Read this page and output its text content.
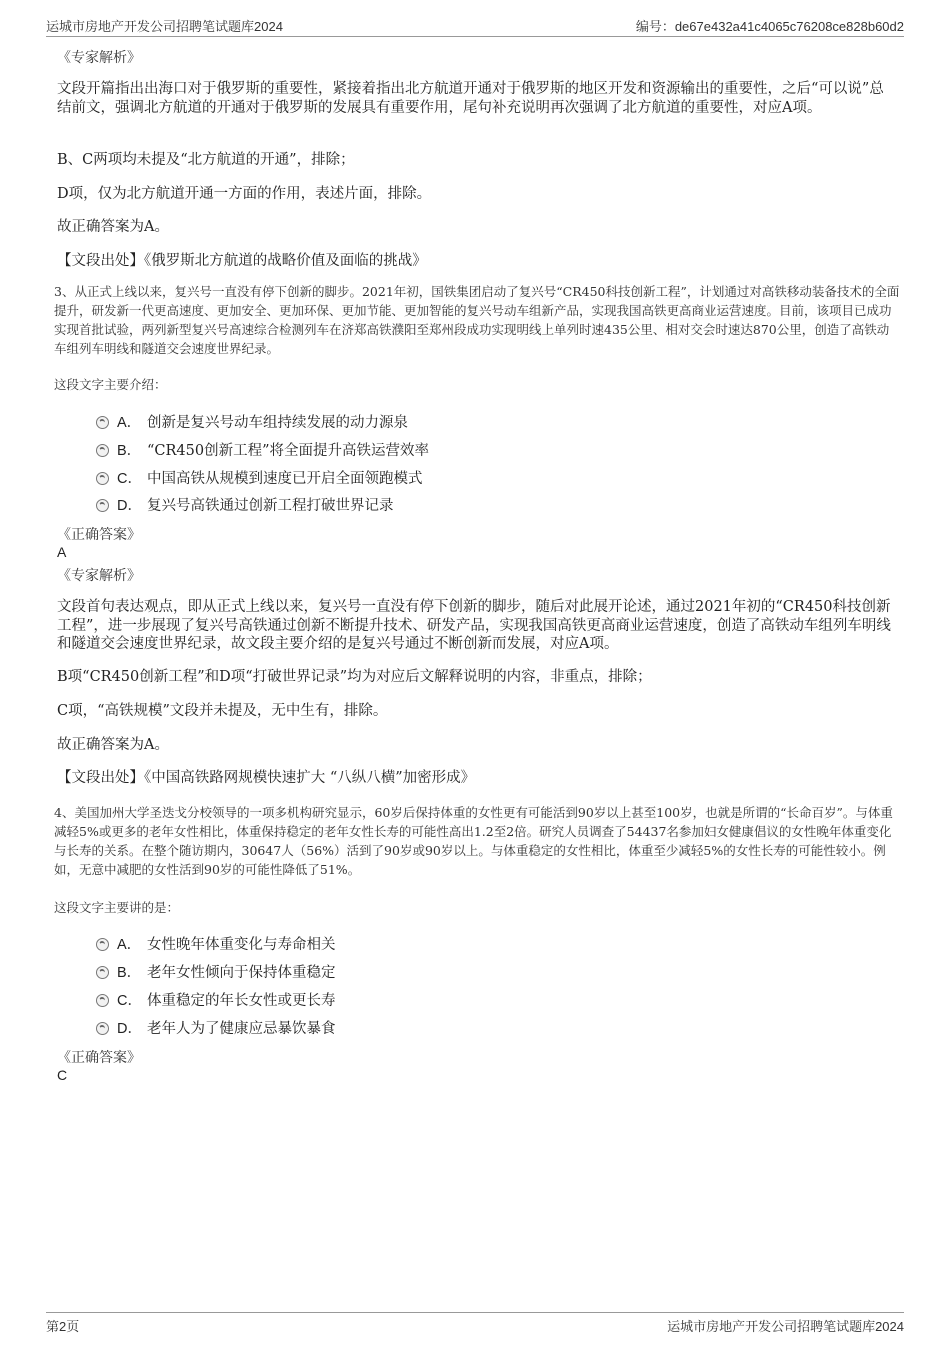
运城市房地产开发公司招聘笔试题库2024	编号：de67e432a41c4065c76208ce828b60d2
《专家解析》
文段开篇指出出海口对于俄罗斯的重要性，紧接着指出北方航道开通对于俄罗斯的地区开发和资源输出的重要性，之后“可以说”总结前文，强调北方航道的开通对于俄罗斯的发展具有重要作用，尾句补充说明再次强调了北方航道的重要性，对应A项。
B、C两项均未提及“北方航道的开通”，排除；
D项，仅为北方航道开通一方面的作用，表述片面，排除。
故正确答案为A。
【文段出处】《俄罗斯北方航道的战略价值及面临的挑战》
3、从正式上线以来，复兴号一直没有停下创新的脚步。2021年初，国铁集团启动了复兴号“CR450科技创新工程”，计划通过对高铁移动装备技术的全面提升，研发新一代更高速度、更加安全、更加环保、更加节能、更加智能的复兴号动车组新产品，实现我国高铁更高商业运营速度。目前，该项目已成功实现首批试验，两列新型复兴号高速综合检测列车在济郑高铁濮阳至郑州段成功实现明线上单列时速435公里、相对交会时速达870公里，创造了高铁动车组列车明线和隧道交会速度世界纪录。
这段文字主要介绍：
A． 创新是复兴号动车组持续发展的动力源泉
B． “CR450创新工程”将全面提升高铁运营效率
C． 中国高铁从规模到速度已开启全面领跑模式
D． 复兴号高铁通过创新工程打破世界记录
《正确答案》
A
《专家解析》
文段首句表达观点，即从正式上线以来，复兴号一直没有停下创新的脚步，随后对此展开论述，通过2021年初的“CR450科技创新工程”，进一步展现了复兴号高铁通过创新不断提升技术、研发产品，实现我国高铁更高商业运营速度，创造了高铁动车组列车明线和隧道交会速度世界纪录，故文段主要介绍的是复兴号通过不断创新而发展，对应A项。
B项“CR450创新工程”和D项“打破世界记录”均为对应后文解释说明的内容，非重点，排除；
C项，“高铁规模”文段并未提及，无中生有，排除。
故正确答案为A。
【文段出处】《中国高铁路网规模快速扩大 “八纵八横”加密形成》
4、美国加州大学圣迭戈分校领导的一项多机构研究显示，60岁后保持体重的女性更有可能活到90岁以上甚至100岁，也就是所谓的“长命百岁”。与体重减轻5%或更多的老年女性相比，体重保持稳定的老年女性长寿的可能性高出1.2至2倍。研究人员调查了54437名参加妇女健康倡议的女性晚年体重变化与长寿的关系。在整个随访期内，30647人（56%）活到了90岁或90岁以上。与体重稳定的女性相比，体重至少减轻5%的女性长寿的可能性较小。例如，无意中减肥的女性活到90岁的可能性降低了51%。
这段文字主要讲的是：
A． 女性晚年体重变化与寿命相关
B． 老年女性倾向于保持体重稳定
C． 体重稳定的年长女性或更长寿
D． 老年人为了健康应忌暴饮暴食
《正确答案》
C
第2页	运城市房地产开发公司招聘笔试题库2024
